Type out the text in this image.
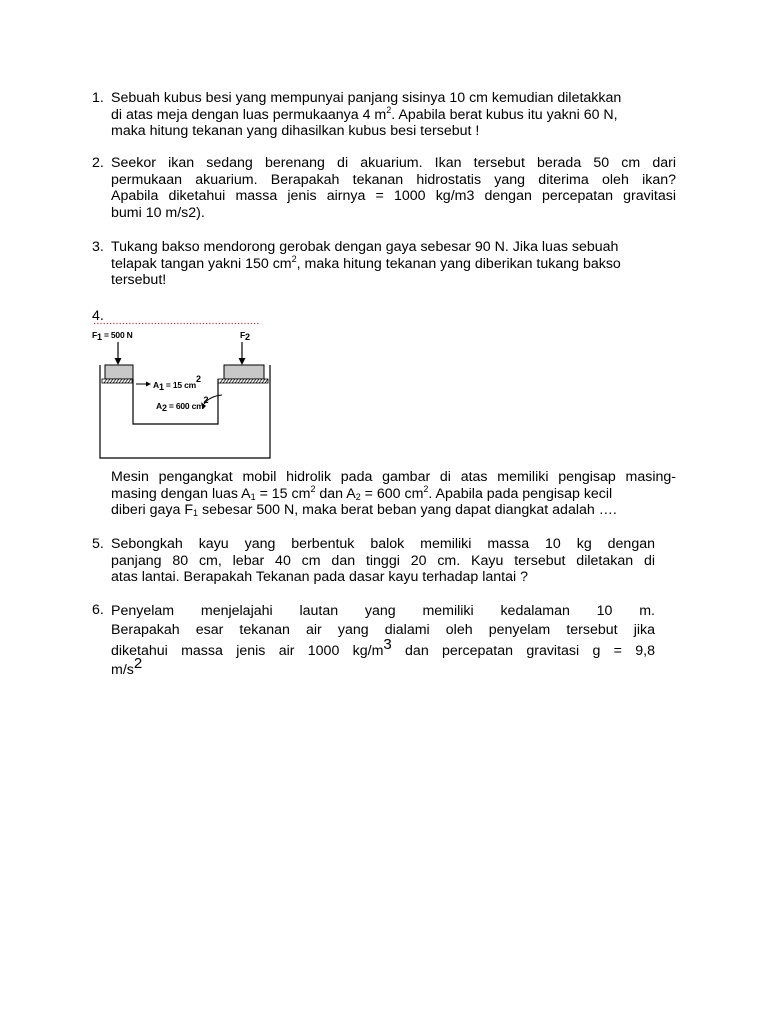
1. Sebuah kubus besi yang mempunyai panjang sisinya 10 cm kemudian diletakkan
di atas meja dengan luas permukaanya 4 $m^2$. Apabila berat kubus itu yakni 60 N,
maka hitung tekanan yang dihasilkan kubus besi tersebut !
2. Seekor ikan sedang berenang di akuarium. Ikan tersebut berada 50 cm dari
permukaan akuarium. Berapakah tekanan hidrostatis yang diterima oleh ikan?
Apabila diketahui massa jenis airnya = 1000 kg/m3 dengan percepatan gravitasi
bumi 10 m/s2).
3. Tukang bakso mendorong gerobak dengan gaya sebesar 90 N. Jika luas sebuah
telapak tangan yakni 150 $cm^2$, maka hitung tekanan yang diberikan tukang bakso
tersebut!
4.
$F_1 = 500$ N	$F_2$
$A_1 = 15$ $cm^2$
$A_2 = 600$ $cm^2$
Mesin pengangkat mobil hidrolik pada gambar di atas memiliki pengisap masing-
masing dengan luas $A_1 = 15$ $cm^2$ dan $A_2 = 600$ $cm^2$. Apabila pada pengisap kecil
diberi gaya $F_1$ sebesar 500 N, maka berat beban yang dapat diangkat adalah ….
5. Sebongkah kayu yang berbentuk balok memiliki massa 10 kg dengan
panjang 80 cm, lebar 40 cm dan tinggi 20 cm. Kayu tersebut diletakan di
atas lantai. Berapakah Tekanan pada dasar kayu terhadap lantai ?
6. Penyelam menjelajahi lautan yang memiliki kedalaman 10 m.
Berapakah esar tekanan air yang dialami oleh penyelam tersebut jika
diketahui massa jenis air 1000 kg/m3 dan percepatan gravitasi g = 9,8
m/s2
